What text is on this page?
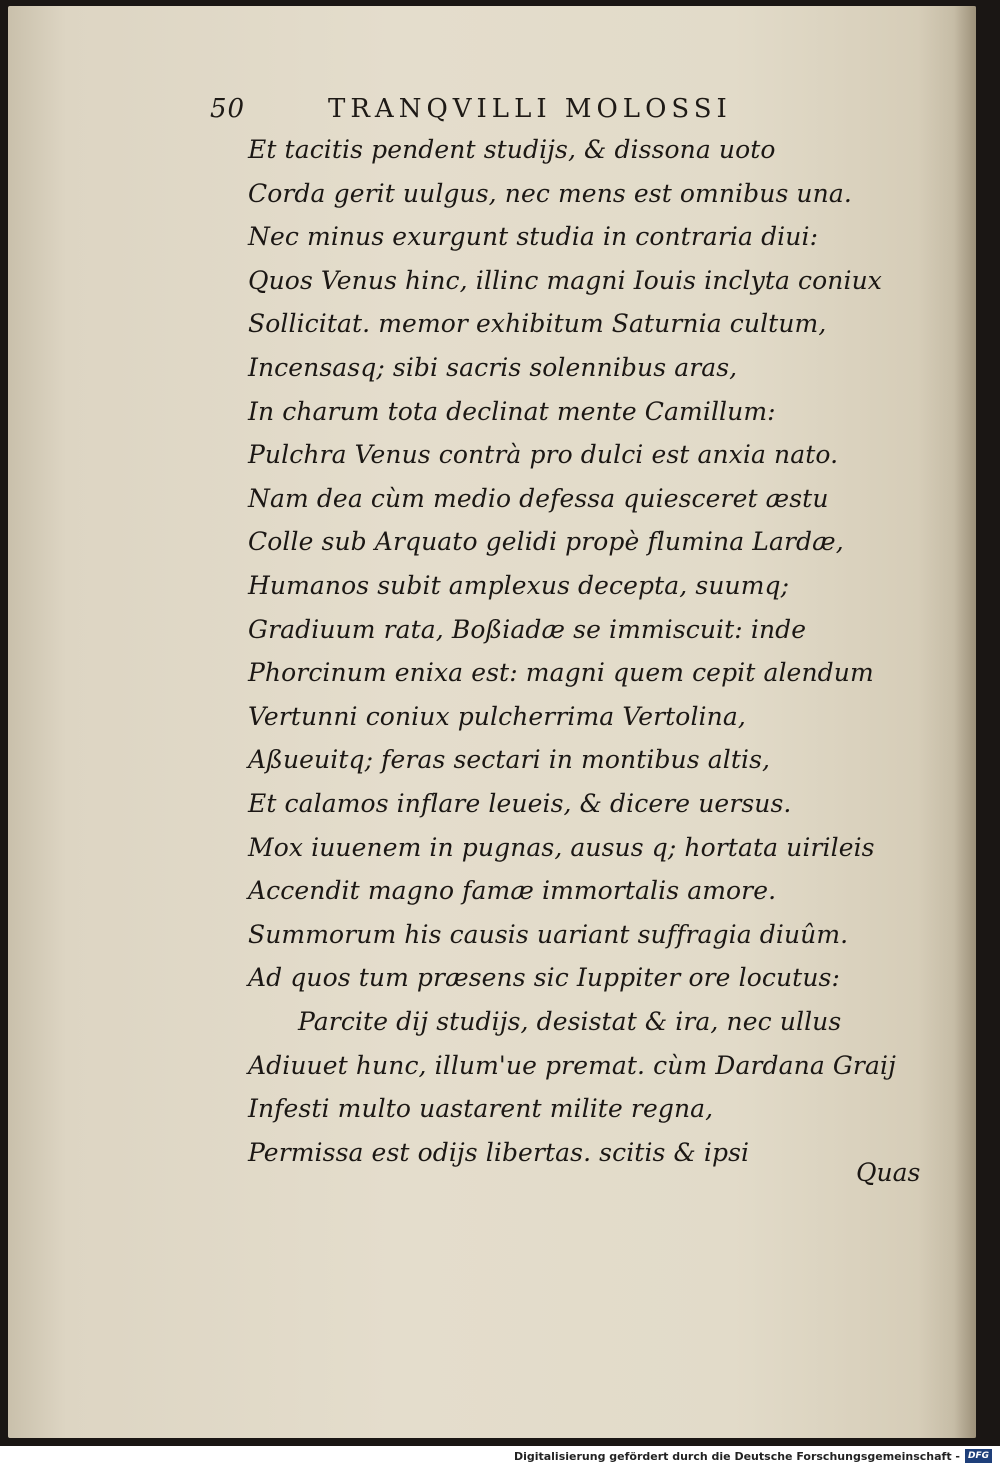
50	TRANQVILLI MOLOSSI
Et tacitis pendent studijs, & dissona uoto
Corda gerit uulgus, nec mens est omnibus una.
Nec minus exurgunt studia in contraria diui:
Quos Venus hinc, illinc magni Iouis inclyta coniux
Sollicitat. memor exhibitum Saturnia cultum,
Incensasq; sibi sacris solennibus aras,
In charum tota declinat mente Camillum:
Pulchra Venus contrà pro dulci est anxia nato.
Nam dea cùm medio defessa quiesceret æstu
Colle sub Arquato gelidi propè flumina Lardæ,
Humanos subit amplexus decepta, suumq;
Gradiuum rata, Boßiadæ se immiscuit: inde
Phorcinum enixa est: magni quem cepit alendum
Vertunni coniux pulcherrima Vertolina,
Aßueuitq; feras sectari in montibus altis,
Et calamos inflare leueis, & dicere uersus.
Mox iuuenem in pugnas, ausus q; hortata uirileis
Accendit magno famæ immortalis amore.
Summorum his causis uariant suffragia diuûm.
Ad quos tum præsens sic Iuppiter ore locutus:
Parcite dij studijs, desistat & ira, nec ullus
Adiuuet hunc, illum'ue premat. cùm Dardana Graij
Infesti multo uastarent milite regna,
Permissa est odijs libertas. scitis & ipsi
Quas
Digitalisierung gefördert durch die Deutsche Forschungsgemeinschaft - DFG
